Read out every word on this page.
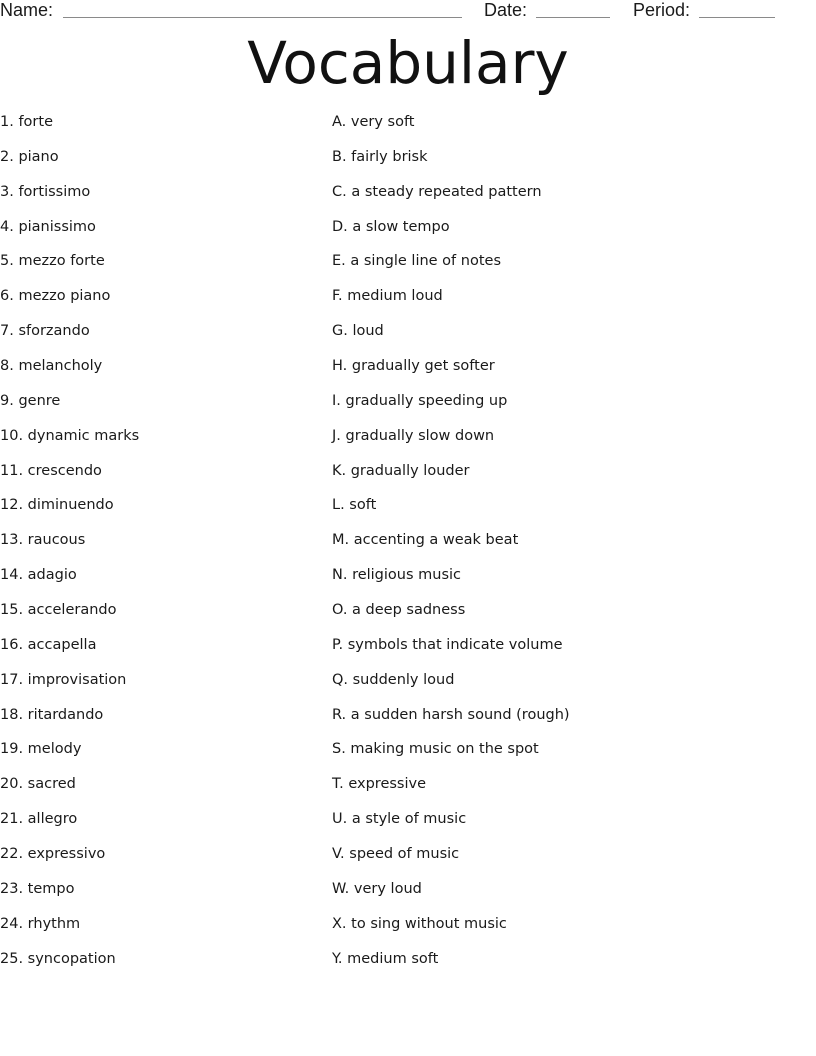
Name:	Date:	Period:
Vocabulary
1. forte
2. piano
3. fortissimo
4. pianissimo
5. mezzo forte
6. mezzo piano
7. sforzando
8. melancholy
9. genre
10. dynamic marks
11. crescendo
12. diminuendo
13. raucous
14. adagio
15. accelerando
16. accapella
17. improvisation
18. ritardando
19. melody
20. sacred
21. allegro
22. expressivo
23. tempo
24. rhythm
25. syncopation
A. very soft
B. fairly brisk
C. a steady repeated pattern
D. a slow tempo
E. a single line of notes
F. medium loud
G. loud
H. gradually get softer
I. gradually speeding up
J. gradually slow down
K. gradually louder
L. soft
M. accenting a weak beat
N. religious music
O. a deep sadness
P. symbols that indicate volume
Q. suddenly loud
R. a sudden harsh sound (rough)
S. making music on the spot
T. expressive
U. a style of music
V. speed of music
W. very loud
X. to sing without music
Y. medium soft
